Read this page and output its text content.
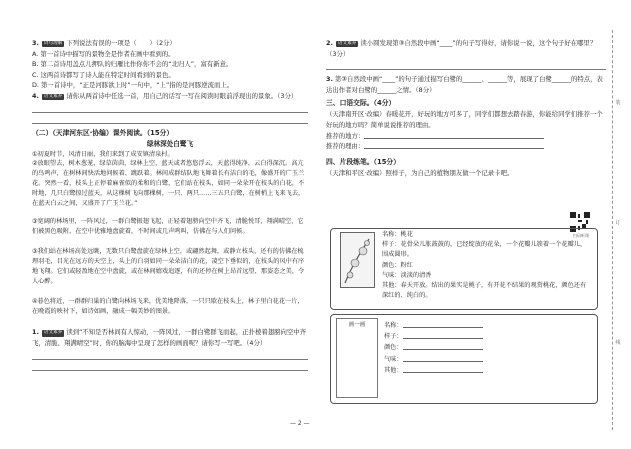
3. 词句理解 下列说法有误的一项是（　　）（2分）

A. 第一首诗中描写的景物全是作者在画中看到的。

B. 第二首诗用盖点儿押队的归雁比作你你不会的“北归人”，富有新意。

C. 这两首诗都写了诗人能在特定时间看到的景色。

D. 第一首诗中，“正是河豚欲上时”一句中，“上”指的是河豚逆流而上。

4. 语文素养 请你从两首诗中任选一首，用自己的话写一写在阅读时眼前浮现出的景象。（3分）

（二）（天津河东区·协编）课外阅读。（15分）

绿林深处白鹭飞

①初夏时节，风清日丽，我们来到了成安镇清泉村。

②放眼望去，树木葱茏，绿草茵茵，绿林上空，蓝天或者悠悠浮云，天蓝得纯净，云白得深沉。高亢的鸟鸣声，在树林间快活地问候着、跳跃着。林间成群结队地飞舞着长有洁白的毛，像盛开的广玉兰花。突然一看，枝头上正停着麻雀似的柔和的白鹭，它们站在枝头，如同一朵朵开在枝头的白花，不时地，几只白鹭掠过蓝天，从这棵树飞向那棵树，一只、两只……三五只白鹭，在树梢上飞来飞去，在蓝天白云之间，又盛开了广玉兰花。”

③宽阔的林场里，一阵风过，一群白鹭振翅飞起，正轻着翅膀向空中齐飞，清脆悦耳，翔满晴空，它们被黑色吸附，在空中优雅地盘旋着，不时间或几声鸣叫，仿佛在与人们问候。

③我们站在林场高处远眺，无数只白鹭盘旋在绿林上空，或翩然起舞，或静立枝头，还有的仿佛在梳理羽毛，目光在远方的天空上，头上的白羽如同一朵朵洁白的花，凌空下垂似的，在枝头的风中有序地飞翔。它们或轻盈地在空中盘旋，或在林间嬉戏追逐，有的还停在树上昂首远望，那姿态之美，令人心醉。

④暮色将近，一群群归巢的白鹭向林场飞来，优美地降落，一只只歇在枝头上，林子里白花花一片，在晚霞的映衬下，如诗如画，融成一幅美妙的图景。

1. 语文素养 读到“不知是否林间有人惊动，一阵风过，一群白鹭群飞而起，正扑棱着翅膀向空中齐飞，清脆、翔满晴空”时，你的脑海中呈现了怎样的画面呢？请你写一写吧。（4分）

2. 语文素养 读小圆发现第③自然段中画“____”的句子写得好，请你说一说，这个句子好在哪里？（3分）

3. 第③自然段中画“____”的句子通过描写白鹭的______、______等，展现了白鹭______的特点，表达出作者对白鹭的______之情。（8分）

三、口语交际。（4分）

（天津南开区·改编）春暖花开，好玩的地方可多了，同学们都想去踏春游，你能给同学们推荐一个好玩的地方吗？简单说说推荐的理由。

推荐的地方：

推荐的理由：

四、片段练笔。（15分）

（天津和平区·改编）照样子，为自己的植物朋友做一个记录卡吧。

扫码听课
名称：桃花
样子：花骨朵儿胀鼓鼓的，已经绽放的花朵，一个花瓣儿簇着一个花瓣儿，围成圆形。
颜色：粉红
气味：淡淡的清香
其他：春天开放。结出的果实是桃子，有开花不结果的观赏桃花，颜色还有深红的、纯白的。
画一画	名称：
样子：
颜色：
气味：
其他：
装
订
线
— 2 —
